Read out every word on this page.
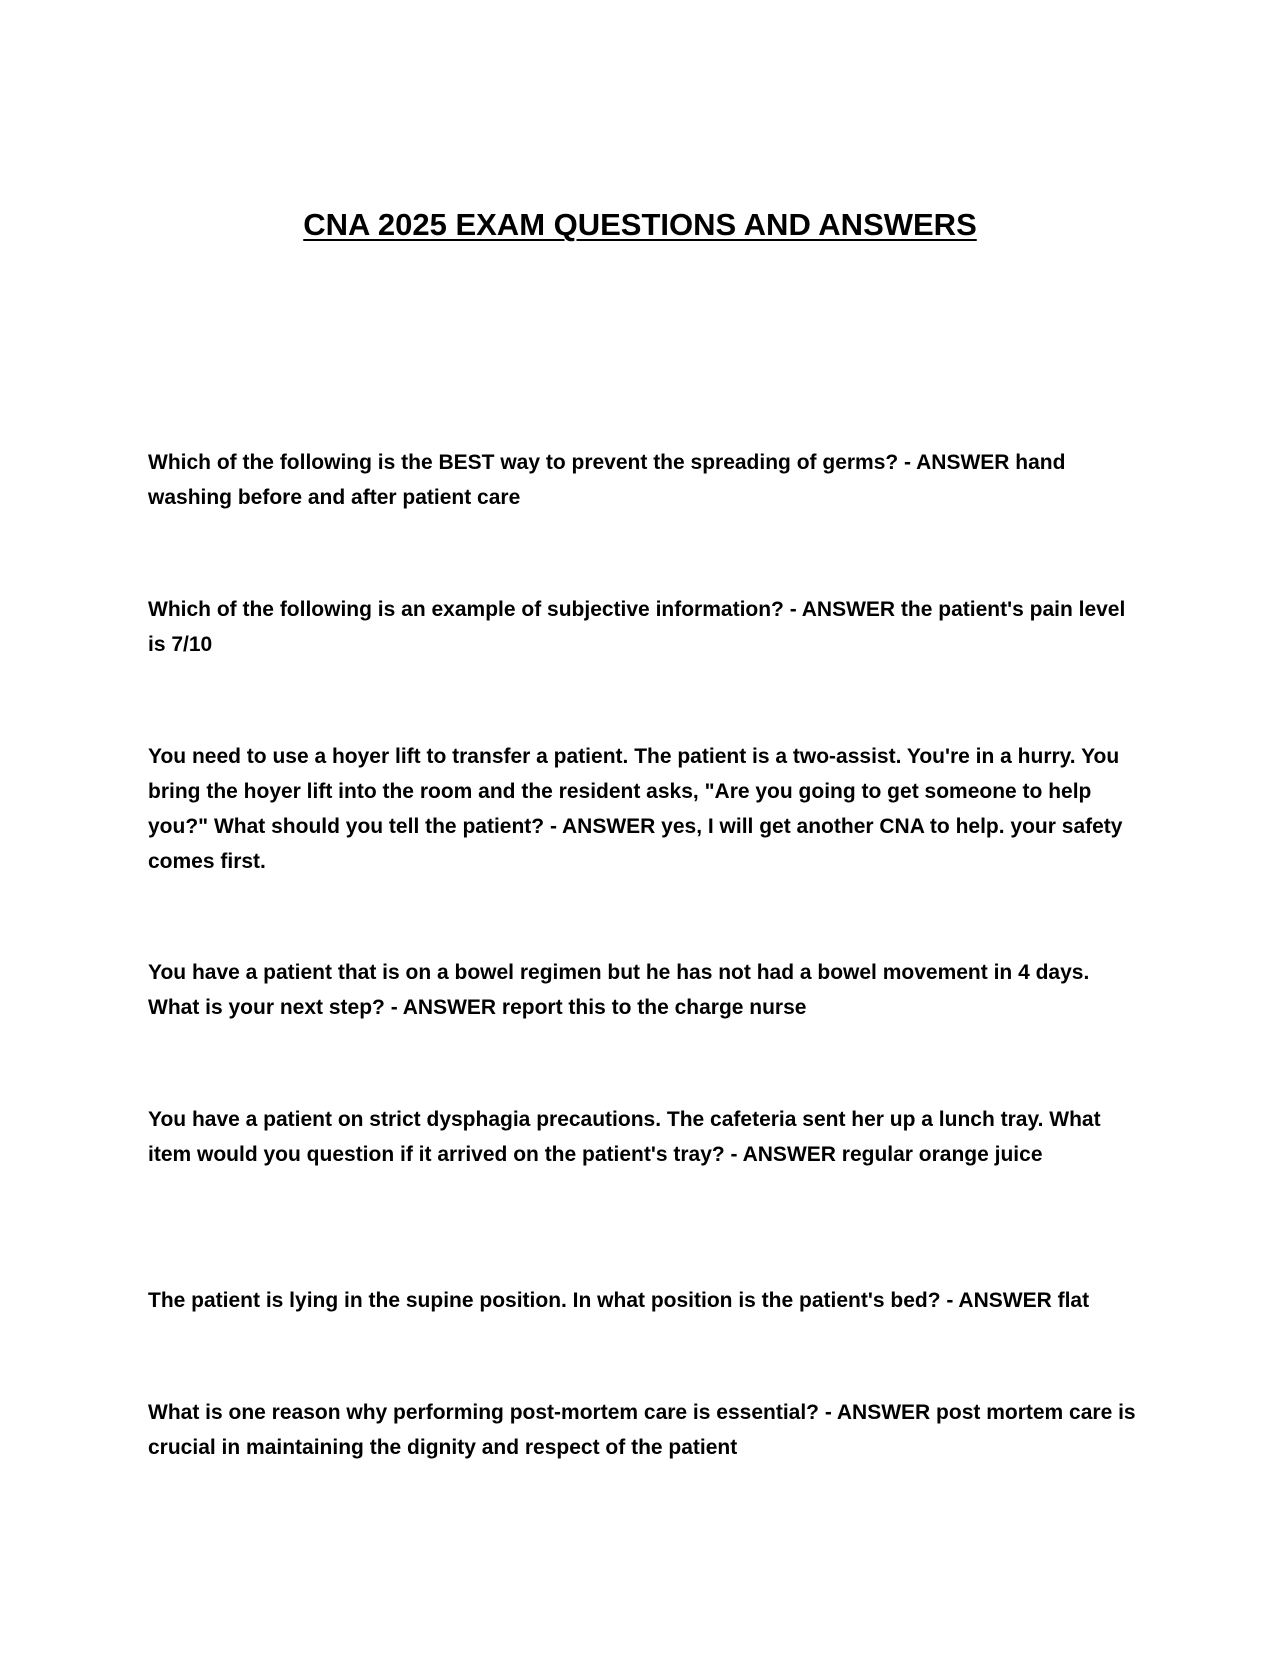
CNA 2025 EXAM QUESTIONS AND ANSWERS

Which of the following is the BEST way to prevent the spreading of germs? - ANSWER hand washing before and after patient care

Which of the following is an example of subjective information? - ANSWER the patient's pain level is 7/10

You need to use a hoyer lift to transfer a patient. The patient is a two-assist. You're in a hurry. You bring the hoyer lift into the room and the resident asks, "Are you going to get someone to help you?" What should you tell the patient? - ANSWER yes, I will get another CNA to help. your safety comes first.

You have a patient that is on a bowel regimen but he has not had a bowel movement in 4 days. What is your next step? - ANSWER report this to the charge nurse

You have a patient on strict dysphagia precautions. The cafeteria sent her up a lunch tray. What item would you question if it arrived on the patient's tray? - ANSWER regular orange juice

The patient is lying in the supine position. In what position is the patient's bed? - ANSWER flat

What is one reason why performing post-mortem care is essential? - ANSWER post mortem care is crucial in maintaining the dignity and respect of the patient
